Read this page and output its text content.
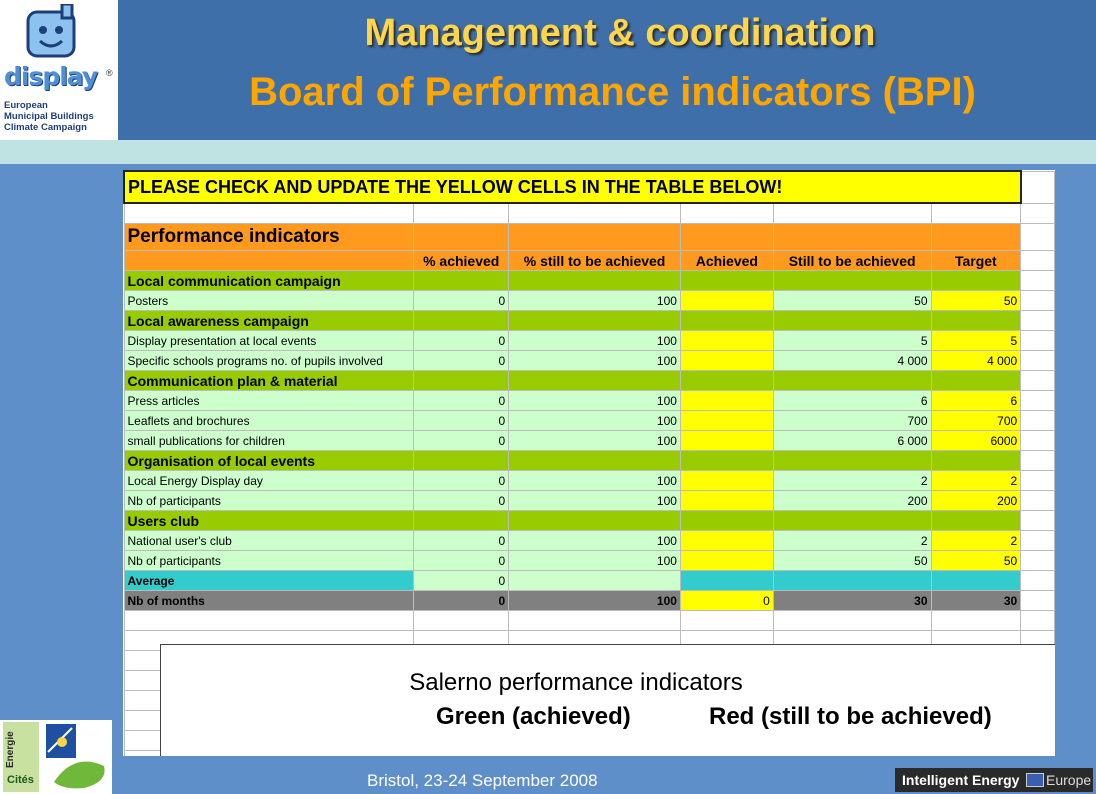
display ®
European
Municipal Buildings
Climate Campaign
Management & coordination
Board of Performance indicators (BPI)
PLEASE CHECK AND UPDATE THE YELLOW CELLS IN THE TABLE BELOW!						

Performance indicators						
	% achieved	% still to be achieved	Achieved	Still to be achieved	Target	
Local communication campaign						
Posters	0	100		50	50	
Local awareness campaign						
Display presentation at local events	0	100		5	5	
Specific schools programs no. of pupils involved	0	100		4 000	4 000	
Communication plan & material						
Press articles	0	100		6	6	
Leaflets and brochures	0	100		700	700	
small publications for children	0	100		6 000	6000	
Organisation of local events						
Local Energy Display day	0	100		2	2	
Nb of participants	0	100		200	200	
Users club						
National user's club	0	100		2	2	
Nb of participants	0	100		50	50	
Average	0					
Nb of months	0	100	0	30	30	

Salerno performance indicators
Green (achieved)	Red (still to be achieved)
Energie
Cités	Bristol, 23-24 September 2008	Intelligent Energy Europe
